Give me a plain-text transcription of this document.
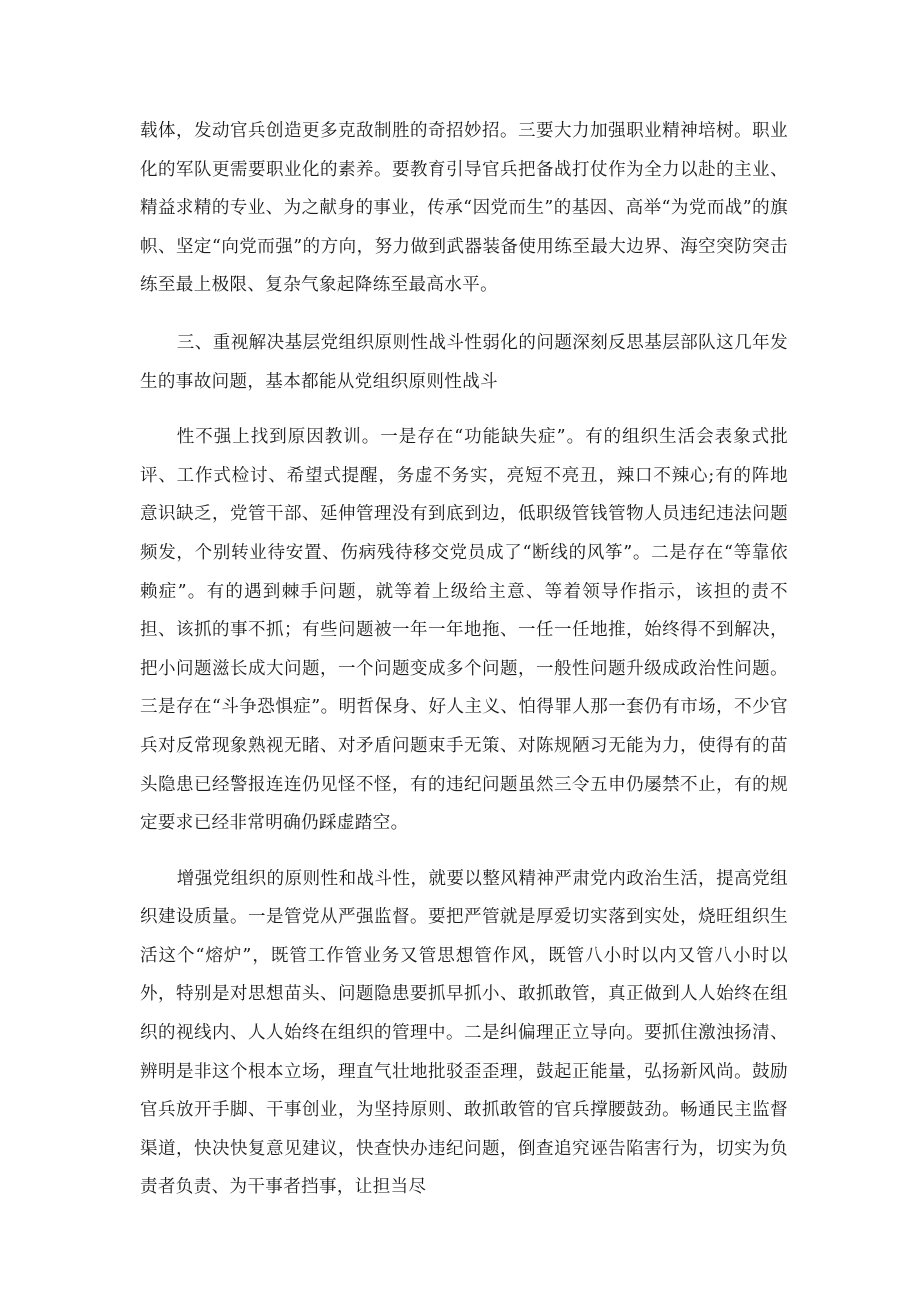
载体，发动官兵创造更多克敌制胜的奇招妙招。三要大力加强职业精神培树。职业化的军队更需要职业化的素养。要教育引导官兵把备战打仗作为全力以赴的主业、精益求精的专业、为之献身的事业，传承“因党而生”的基因、高举“为党而战”的旗帜、坚定“向党而强”的方向，努力做到武器装备使用练至最大边界、海空突防突击练至最上极限、复杂气象起降练至最高水平。

三、重视解决基层党组织原则性战斗性弱化的问题深刻反思基层部队这几年发生的事故问题，基本都能从党组织原则性战斗

性不强上找到原因教训。一是存在“功能缺失症”。有的组织生活会表象式批评、工作式检讨、希望式提醒，务虚不务实，亮短不亮丑，辣口不辣心;有的阵地意识缺乏，党管干部、延伸管理没有到底到边，低职级管钱管物人员违纪违法问题频发，个别转业待安置、伤病残待移交党员成了“断线的风筝”。二是存在“等靠依赖症”。有的遇到棘手问题，就等着上级给主意、等着领导作指示，该担的责不担、该抓的事不抓；有些问题被一年一年地拖、一任一任地推，始终得不到解决，把小问题滋长成大问题，一个问题变成多个问题，一般性问题升级成政治性问题。三是存在“斗争恐惧症”。明哲保身、好人主义、怕得罪人那一套仍有市场，不少官兵对反常现象熟视无睹、对矛盾问题束手无策、对陈规陋习无能为力，使得有的苗头隐患已经警报连连仍见怪不怪，有的违纪问题虽然三令五申仍屡禁不止，有的规定要求已经非常明确仍踩虚踏空。

增强党组织的原则性和战斗性，就要以整风精神严肃党内政治生活，提高党组织建设质量。一是管党从严强监督。要把严管就是厚爱切实落到实处，烧旺组织生活这个“熔炉”，既管工作管业务又管思想管作风，既管八小时以内又管八小时以外，特别是对思想苗头、问题隐患要抓早抓小、敢抓敢管，真正做到人人始终在组织的视线内、人人始终在组织的管理中。二是纠偏理正立导向。要抓住激浊扬清、辨明是非这个根本立场，理直气壮地批驳歪歪理，鼓起正能量，弘扬新风尚。鼓励官兵放开手脚、干事创业，为坚持原则、敢抓敢管的官兵撑腰鼓劲。畅通民主监督渠道，快决快复意见建议，快查快办违纪问题，倒查追究诬告陷害行为，切实为负责者负责、为干事者挡事，让担当尽
